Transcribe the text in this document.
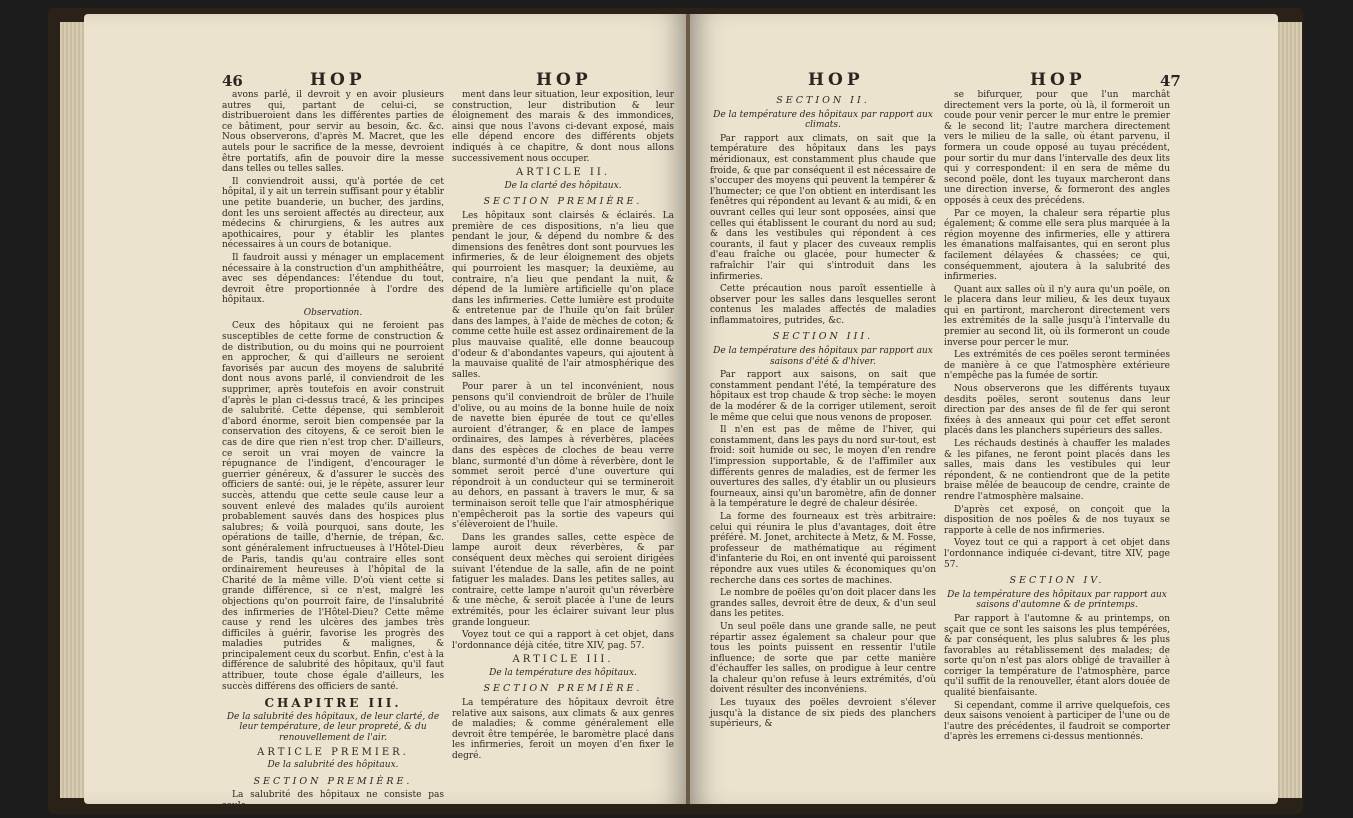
46	HOP	HOP

avons parlé, il devroit y en avoir plusieurs autres qui, partant de celui-ci, se distribueroient dans les différentes parties de ce bâtiment, pour servir au besoin, &c. &c. Nous observerons, d'après M. Macret, que les autels pour le sacrifice de la messe, devroient être portatifs, afin de pouvoir dire la messe dans telles ou telles salles.

Il conviendroit aussi, qu'à portée de cet hôpital, il y ait un terrein suffisant pour y établir une petite buanderie, un bucher, des jardins, dont les uns seroient affectés au directeur, aux médecins & chirurgiens, & les autres aux apothicaires, pour y établir les plantes nécessaires à un cours de botanique.

Il faudroit aussi y ménager un emplacement nécessaire à la construction d'un amphithéâtre, avec ses dépendances: l'étendue du tout, devroit être proportionnée à l'ordre des hôpitaux.

Observation.

Ceux des hôpitaux qui ne feroient pas susceptibles de cette forme de construction & de distribution, ou du moins qui ne pourroient en approcher, & qui d'ailleurs ne seroient favorisés par aucun des moyens de salubrité dont nous avons parlé, il conviendroit de les supprimer, après toutefois en avoir construit d'après le plan ci-dessus tracé, & les principes de salubrité. Cette dépense, qui sembleroit d'abord énorme, seroit bien compensée par la conservation des citoyens, & ce seroit bien le cas de dire que rien n'est trop cher. D'ailleurs, ce seroit un vrai moyen de vaincre la répugnance de l'indigent, d'encourager le guerrier généreux, & d'assurer le succès des officiers de santé: oui, je le répète, assurer leur succès, attendu que cette seule cause leur a souvent enlevé des malades qu'ils auroient probablement sauvés dans des hospices plus salubres; & voilà pourquoi, sans doute, les opérations de taille, d'hernie, de trépan, &c. sont généralement infructueuses à l'Hôtel-Dieu de Paris, tandis qu'au contraire elles sont ordinairement heureuses à l'hôpital de la Charité de la même ville. D'où vient cette si grande différence, si ce n'est, malgré les objections qu'on pourroit faire, de l'insalubrité des infirmeries de l'Hôtel-Dieu? Cette même cause y rend les ulcères des jambes très difficiles à guérir, favorise les progrès des maladies putrides & malignes, & principalement ceux du scorbut. Enfin, c'est à la différence de salubrité des hôpitaux, qu'il faut attribuer, toute chose égale d'ailleurs, les succès différens des officiers de santé.

CHAPITRE III.

De la salubrité des hôpitaux, de leur clarté, de leur température, de leur propreté, & du renouvellement de l'air.

ARTICLE PREMIER.

De la salubrité des hôpitaux.

SECTION PREMIÈRE.

La salubrité des hôpitaux ne consiste pas seule-

ment dans leur situation, leur exposition, leur construction, leur distribution & leur éloignement des marais & des immondices, ainsi que nous l'avons ci-devant exposé, mais elle dépend encore des différents objets indiqués à ce chapitre, & dont nous allons successivement nous occuper.

ARTICLE II.

De la clarté des hôpitaux.

SECTION PREMIÈRE.

Les hôpitaux sont clairsés & éclairés. La première de ces dispositions, n'a lieu que pendant le jour, & dépend du nombre & des dimensions des fenêtres dont sont pourvues les infirmeries, & de leur éloignement des objets qui pourroient les masquer; la deuxième, au contraire, n'a lieu que pendant la nuit, & dépend de la lumière artificielle qu'on place dans les infirmeries. Cette lumière est produite & entretenue par de l'huile qu'on fait brûler dans des lampes, à l'aide de mèches de coton; & comme cette huile est assez ordinairement de la plus mauvaise qualité, elle donne beaucoup d'odeur & d'abondantes vapeurs, qui ajoutent à la mauvaise qualité de l'air atmosphérique des salles.

Pour parer à un tel inconvénient, nous pensons qu'il conviendroit de brûler de l'huile d'olive, ou au moins de la bonne huile de noix de navette bien épurée de tout ce qu'elles auroient d'étranger, & en place de lampes ordinaires, des lampes à réverbères, placées dans des espèces de cloches de beau verre blanc, surmonté d'un dôme à réverbère, dont le sommet seroit percé d'une ouverture qui répondroit à un conducteur qui se termineroit au dehors, en passant à travers le mur, & sa terminaison seroit telle que l'air atmosphérique n'empêcheroit pas la sortie des vapeurs qui s'élèveroient de l'huile.

Dans les grandes salles, cette espèce de lampe auroit deux réverbères, & par conséquent deux mèches qui seroient dirigées suivant l'étendue de la salle, afin de ne point fatiguer les malades. Dans les petites salles, au contraire, cette lampe n'auroit qu'un réverbère & une mèche, & seroit placée à l'une de leurs extrémités, pour les éclairer suivant leur plus grande longueur.

Voyez tout ce qui a rapport à cet objet, dans l'ordonnance déjà citée, titre XIV, pag. 57.

ARTICLE III.

De la température des hôpitaux.

SECTION PREMIÈRE.

La température des hôpitaux devroit être relative aux saisons, aux climats & aux genres de maladies; & comme généralement elle devroit être tempérée, le baromètre placé dans les infirmeries, feroit un moyen d'en fixer le degré.

HOP	HOP	47

SECTION II.

De la température des hôpitaux par rapport aux climats.

Par rapport aux climats, on sait que la température des hôpitaux dans les pays méridionaux, est constamment plus chaude que froide, & que par conséquent il est nécessaire de s'occuper des moyens qui peuvent la tempérer & l'humecter; ce que l'on obtient en interdisant les fenêtres qui répondent au levant & au midi, & en ouvrant celles qui leur sont opposées, ainsi que celles qui établissent le courant du nord au sud; & dans les vestibules qui répondent à ces courants, il faut y placer des cuveaux remplis d'eau fraîche ou glacée, pour humecter & rafraîchir l'air qui s'introduit dans les infirmeries.

Cette précaution nous paroît essentielle à observer pour les salles dans lesquelles seront contenus les malades affectés de maladies inflammatoires, putrides, &c.

SECTION III.

De la température des hôpitaux par rapport aux saisons d'été & d'hiver.

Par rapport aux saisons, on sait que constamment pendant l'été, la température des hôpitaux est trop chaude & trop sèche: le moyen de la modérer & de la corriger utilement, seroit le même que celui que nous venons de proposer.

Il n'en est pas de même de l'hiver, qui constamment, dans les pays du nord sur-tout, est froid: soit humide ou sec, le moyen d'en rendre l'impression supportable, & de l'affimiler aux différents genres de maladies, est de fermer les ouvertures des salles, d'y établir un ou plusieurs fourneaux, ainsi qu'un baromètre, afin de donner à la température le degré de chaleur désirée.

La forme des fourneaux est très arbitraire: celui qui réunira le plus d'avantages, doit être préféré. M. Jonet, architecte à Metz, & M. Fosse, professeur de mathématique au régiment d'infanterie du Roi, en ont inventé qui paroissent répondre aux vues utiles & économiques qu'on recherche dans ces sortes de machines.

Le nombre de poëles qu'on doit placer dans les grandes salles, devroit être de deux, & d'un seul dans les petites.

Un seul poële dans une grande salle, ne peut répartir assez également sa chaleur pour que tous les points puissent en ressentir l'utile influence; de sorte que par cette manière d'échauffer les salles, on prodigue à leur centre la chaleur qu'on refuse à leurs extrémités, d'où doivent résulter des inconvéniens.

Les tuyaux des poëles devroient s'élever jusqu'à la distance de six pieds des planchers supérieurs, &

se bifurquer, pour que l'un marchât directement vers la porte, où là, il formeroit un coude pour venir percer le mur entre le premier & le second lit; l'autre marchera directement vers le milieu de la salle, où étant parvenu, il formera un coude opposé au tuyau précédent, pour sortir du mur dans l'intervalle des deux lits qui y correspondent: il en sera de même du second poële, dont les tuyaux marcheront dans une direction inverse, & formeront des angles opposés à ceux des précédens.

Par ce moyen, la chaleur sera répartie plus également; & comme elle sera plus marquée à la région moyenne des infirmeries, elle y attirera les émanations malfaisantes, qui en seront plus facilement délayées & chassées; ce qui, conséquemment, ajoutera à la salubrité des infirmeries.

Quant aux salles où il n'y aura qu'un poële, on le placera dans leur milieu, & les deux tuyaux qui en partiront, marcheront directement vers les extrémités de la salle jusqu'à l'intervalle du premier au second lit, où ils formeront un coude inverse pour percer le mur.

Les extrémités de ces poëles seront terminées de manière à ce que l'atmosphère extérieure n'empêche pas la fumée de sortir.

Nous observerons que les différents tuyaux desdits poëles, seront soutenus dans leur direction par des anses de fil de fer qui seront fixées à des anneaux qui pour cet effet seront placés dans les planchers supérieurs des salles.

Les réchauds destinés à chauffer les malades & les pifanes, ne feront point placés dans les salles, mais dans les vestibules qui leur répondent, & ne contiendront que de la petite braise mêlée de beaucoup de cendre, crainte de rendre l'atmosphère malsaine.

D'après cet exposé, on conçoit que la disposition de nos poëles & de nos tuyaux se rapporte à celle de nos infirmeries.

Voyez tout ce qui a rapport à cet objet dans l'ordonnance indiquée ci-devant, titre XIV, page 57.

SECTION IV.

De la température des hôpitaux par rapport aux saisons d'automne & de printemps.

Par rapport à l'automne & au printemps, on sçait que ce sont les saisons les plus tempérées, & par conséquent, les plus salubres & les plus favorables au rétablissement des malades; de sorte qu'on n'est pas alors obligé de travailler à corriger la température de l'atmosphère, parce qu'il suffit de la renouveller, étant alors douée de qualité bienfaisante.

Si cependant, comme il arrive quelquefois, ces deux saisons venoient à participer de l'une ou de l'autre des précédentes, il faudroit se comporter d'après les erremens ci-dessus mentionnés.
